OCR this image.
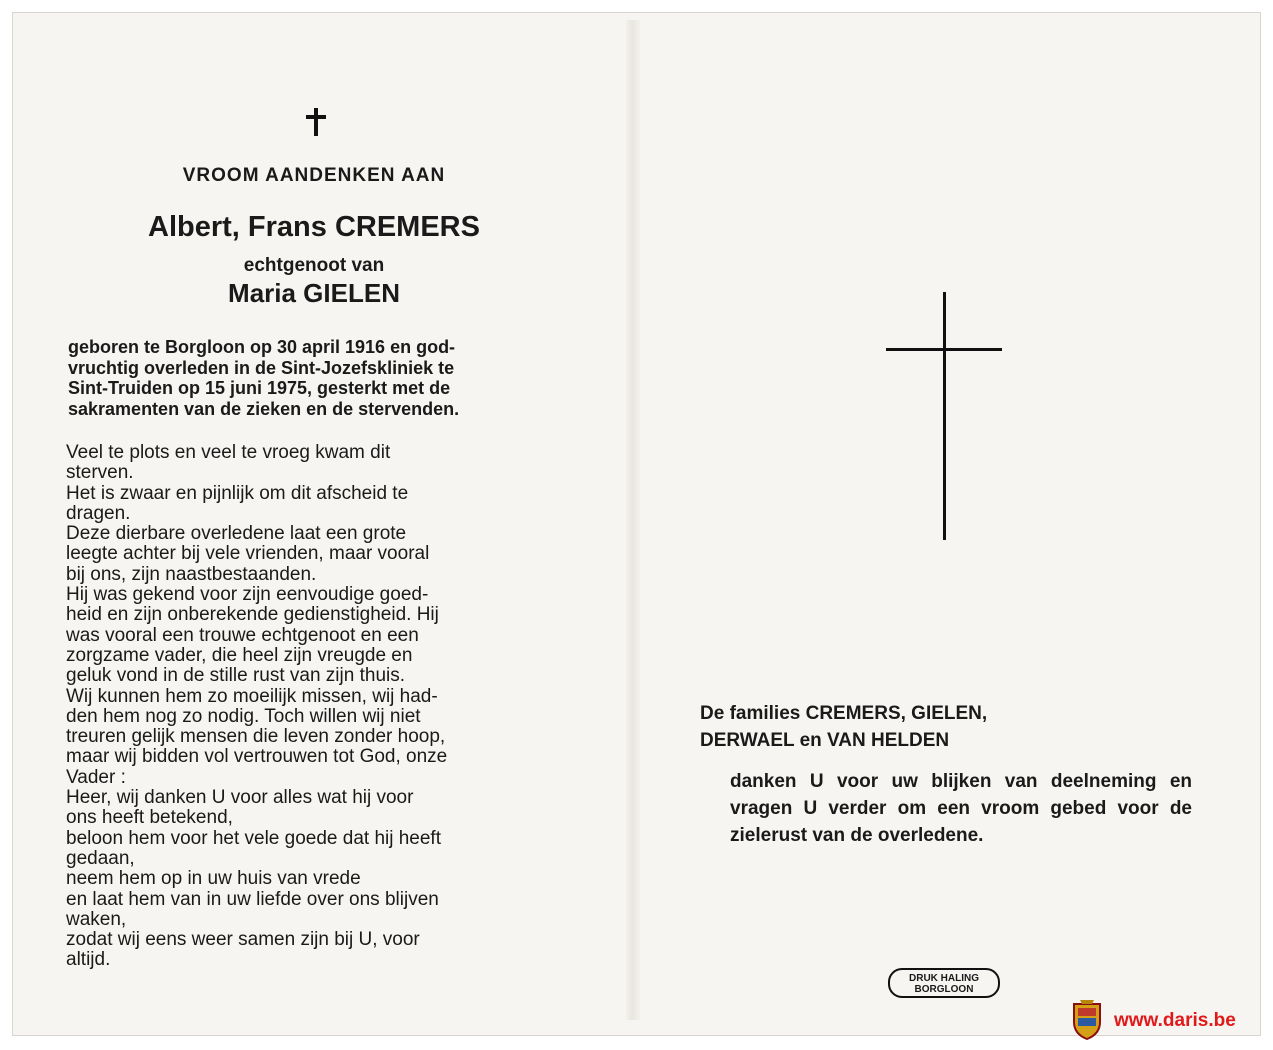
VROOM AANDENKEN AAN
Albert, Frans CREMERS
echtgenoot van
Maria GIELEN
geboren te Borgloon op 30 april 1916 en god-
vruchtig overleden in de Sint-Jozefskliniek te
Sint-Truiden op 15 juni 1975, gesterkt met de
sakramenten van de zieken en de stervenden.
Veel te plots en veel te vroeg kwam dit
sterven.
Het is zwaar en pijnlijk om dit afscheid te
dragen.
Deze dierbare overledene laat een grote
leegte achter bij vele vrienden, maar vooral
bij ons, zijn naastbestaanden.
Hij was gekend voor zijn eenvoudige goed-
heid en zijn onberekende gedienstigheid. Hij
was vooral een trouwe echtgenoot en een
zorgzame vader, die heel zijn vreugde en
geluk vond in de stille rust van zijn thuis.
Wij kunnen hem zo moeilijk missen, wij had-
den hem nog zo nodig. Toch willen wij niet
treuren gelijk mensen die leven zonder hoop,
maar wij bidden vol vertrouwen tot God, onze
Vader :
Heer, wij danken U voor alles wat hij voor
ons heeft betekend,
beloon hem voor het vele goede dat hij heeft
gedaan,
neem hem op in uw huis van vrede
en laat hem van in uw liefde over ons blijven
waken,
zodat wij eens weer samen zijn bij U, voor
altijd.
De families CREMERS, GIELEN,
DERWAEL en VAN HELDEN
danken U voor uw blijken van deelneming en vragen U verder om een vroom gebed voor de zielerust van de overledene.
DRUK HALING
BORGLOON
www.daris.be
